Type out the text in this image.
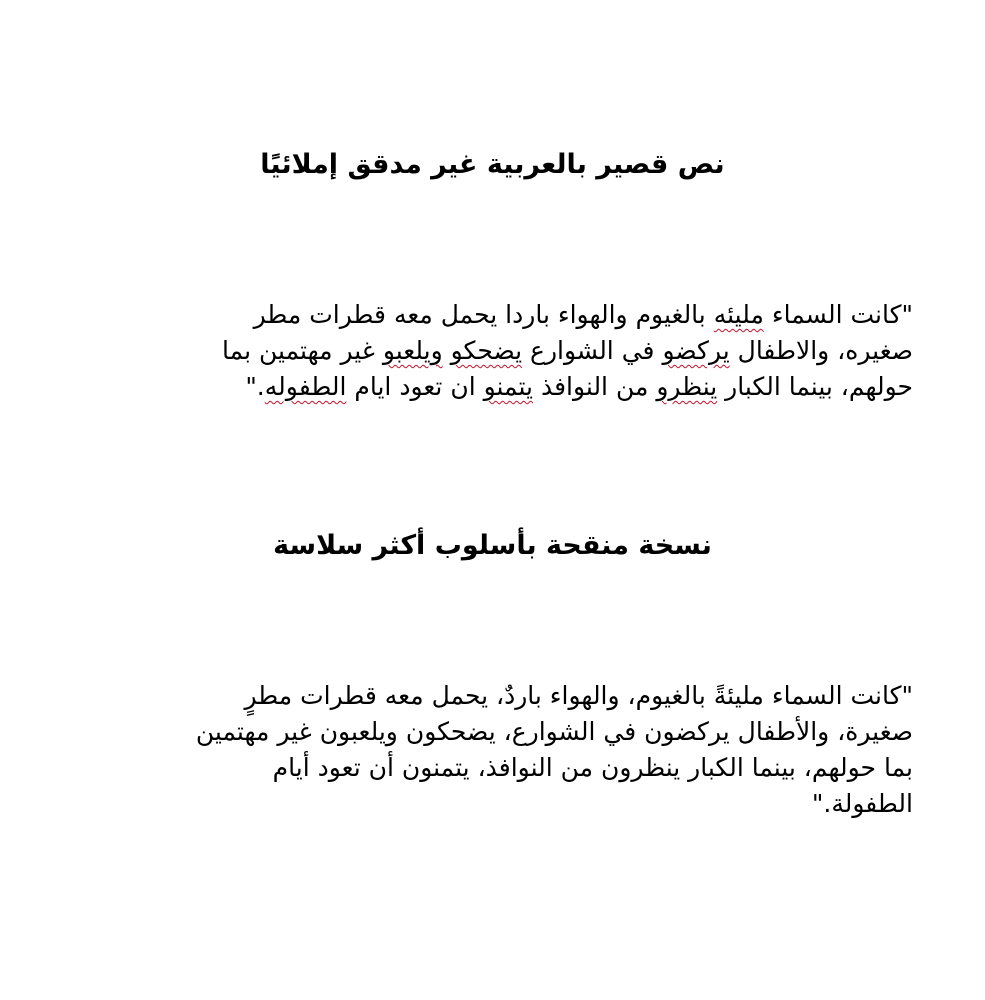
نص قصير بالعربية غير مدقق إملائيًا

"كانت السماء مليئه بالغيوم والهواء باردا يحمل معه قطرات مطر
صغيره، والاطفال يركضو في الشوارع يضحكو ويلعبو غير مهتمين بما
حولهم، بينما الكبار ينظرو من النوافذ يتمنو ان تعود ايام الطفوله."

نسخة منقحة بأسلوب أكثر سلاسة

"كانت السماء مليئةً بالغيوم، والهواء باردٌ، يحمل معه قطرات مطرٍ
صغيرة، والأطفال يركضون في الشوارع، يضحكون ويلعبون غير مهتمين
بما حولهم، بينما الكبار ينظرون من النوافذ، يتمنون أن تعود أيام
الطفولة."
